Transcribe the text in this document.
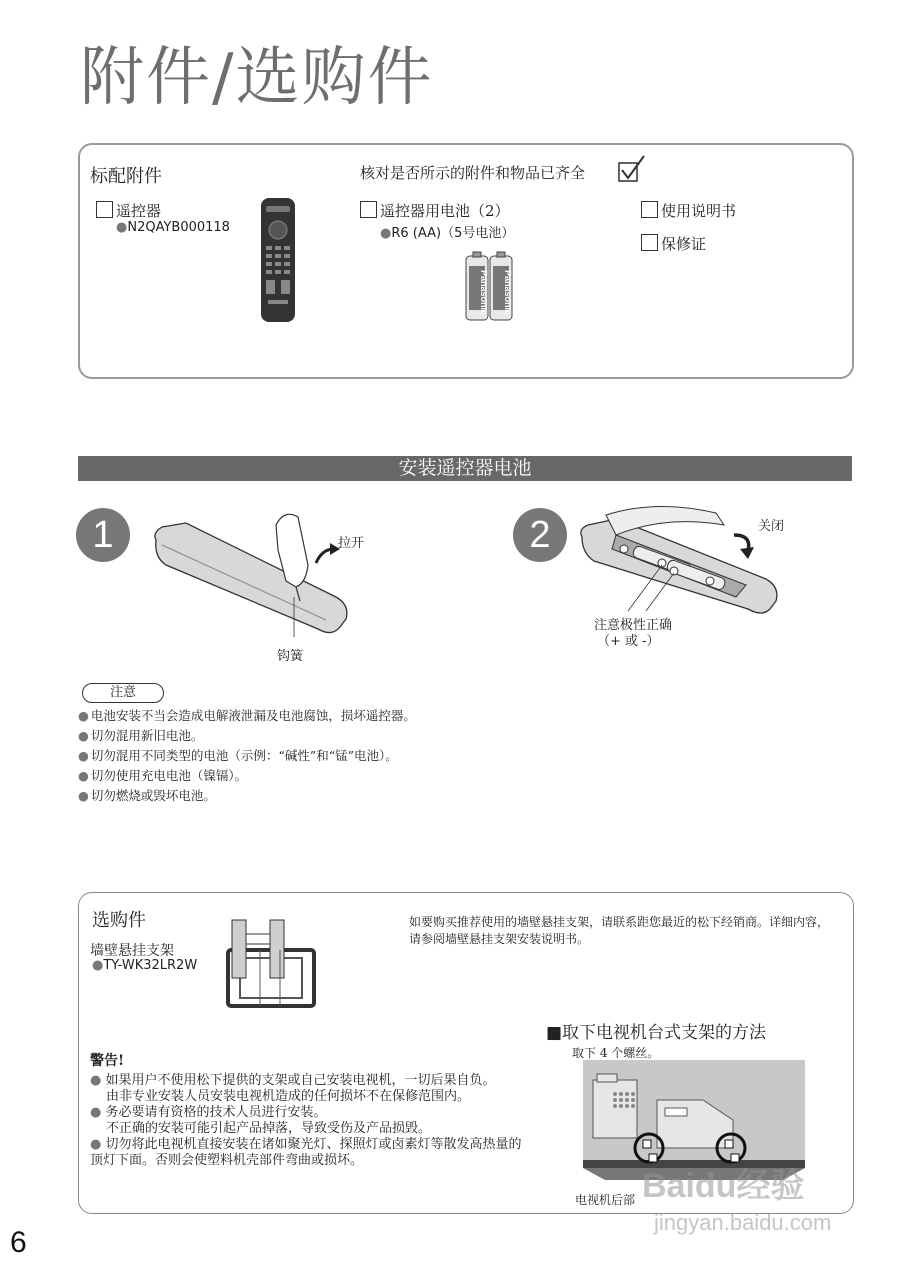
附件/选购件
标配附件	核对是否所示的附件和物品已齐全
遥控器
●N2QAYB000118
遥控器用电池（2）
●R6 (AA)（5号电池）
Panasonic Panasonic
使用说明书
保修证
安装遥控器电池
1	拉开
钩簧
2	关闭
注意极性正确
（+ 或 -）
注意
● 电池安装不当会造成电解液泄漏及电池腐蚀，损坏遥控器。
● 切勿混用新旧电池。
● 切勿混用不同类型的电池（示例：“碱性”和“锰”电池）。
● 切勿使用充电电池（镍镉）。
● 切勿燃烧或毁坏电池。
选购件
墙壁悬挂支架
●TY-WK32LR2W
如要购买推荐使用的墙壁悬挂支架，请联系距您最近的松下经销商。详细内容，请参阅墙壁悬挂支架安装说明书。
警告!
● 如果用户不使用松下提供的支架或自己安装电视机，一切后果自负。
由非专业安装人员安装电视机造成的任何损坏不在保修范围内。
● 务必要请有资格的技术人员进行安装。
不正确的安装可能引起产品掉落，导致受伤及产品损毁。
● 切勿将此电视机直接安装在诸如聚光灯、探照灯或卤素灯等散发高热量的顶灯下面。否则会使塑料机壳部件弯曲或损坏。
■取下电视机台式支架的方法
取下 4 个螺丝。
电视机后部 Baidu经验
jingyan.baidu.com
6
